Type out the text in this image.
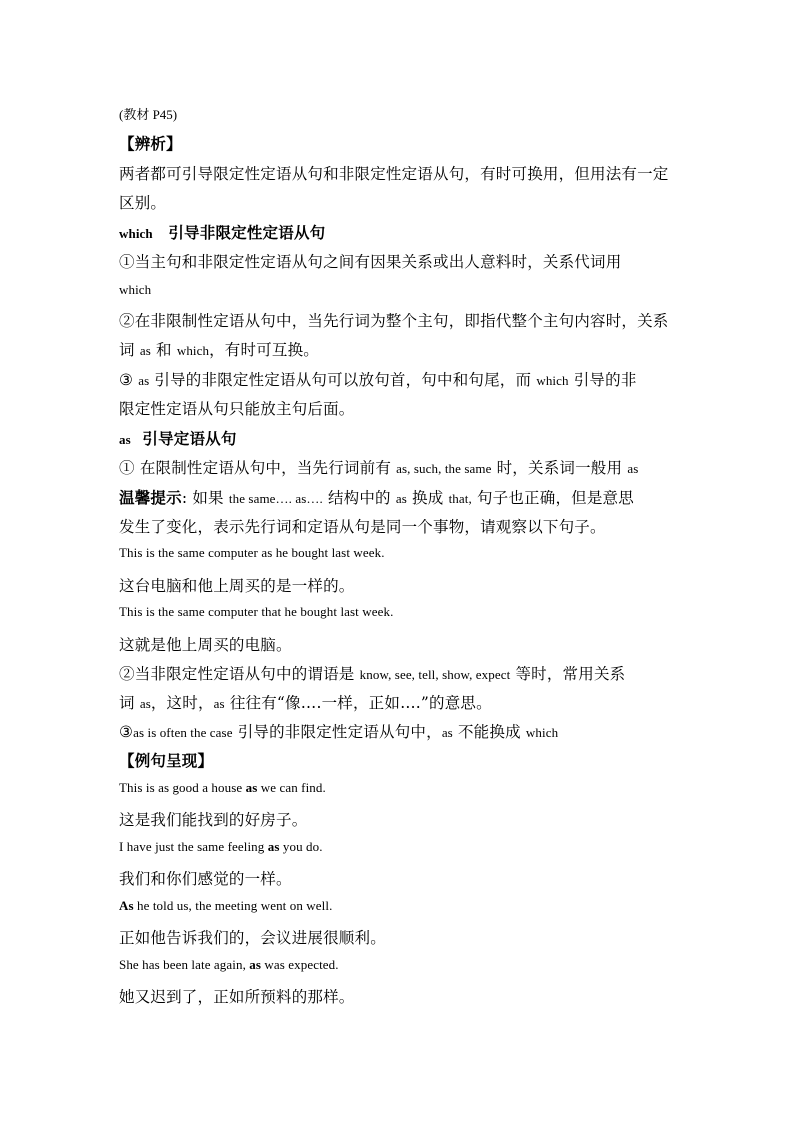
(教材 P45)
【辨析】
两者都可引导限定性定语从句和非限定性定语从句，有时可换用，但用法有一定
区别。
which 引导非限定性定语从句
①当主句和非限定性定语从句之间有因果关系或出人意料时，关系代词用
which
②在非限制性定语从句中，当先行词为整个主句，即指代整个主句内容时，关系
词 as 和 which，有时可互换。
③ as 引导的非限定性定语从句可以放句首，句中和句尾，而 which 引导的非
限定性定语从句只能放主句后面。
as 引导定语从句
① 在限制性定语从句中，当先行词前有 as, such, the same 时，关系词一般用 as
温馨提示: 如果 the same…. as…. 结构中的 as 换成 that, 句子也正确，但是意思
发生了变化，表示先行词和定语从句是同一个事物，请观察以下句子。
This is the same computer as he bought last week.
这台电脑和他上周买的是一样的。
This is the same computer that he bought last week.
这就是他上周买的电脑。
②当非限定性定语从句中的谓语是 know, see, tell, show, expect 等时，常用关系
词 as，这时，as 往往有“像….一样，正如….”的意思。
③as is often the case 引导的非限定性定语从句中，as 不能换成 which
【例句呈现】
This is as good a house as we can find.
这是我们能找到的好房子。
I have just the same feeling as you do.
我们和你们感觉的一样。
As he told us, the meeting went on well.
正如他告诉我们的，会议进展很顺利。
She has been late again, as was expected.
她又迟到了，正如所预料的那样。
